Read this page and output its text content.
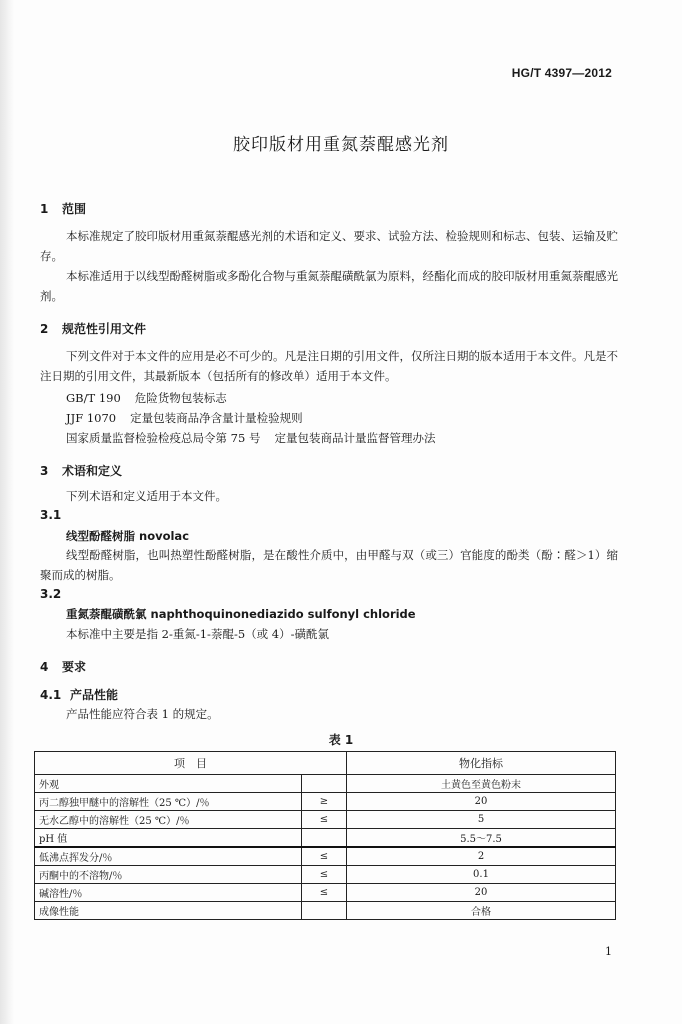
HG/T 4397—2012
胶印版材用重氮萘醌感光剂
1 范围
本标准规定了胶印版材用重氮萘醌感光剂的术语和定义、要求、试验方法、检验规则和标志、包装、运输及贮存。
本标准适用于以线型酚醛树脂或多酚化合物与重氮萘醌磺酰氯为原料，经酯化而成的胶印版材用重氮萘醌感光剂。
2 规范性引用文件
下列文件对于本文件的应用是必不可少的。凡是注日期的引用文件，仅所注日期的版本适用于本文件。凡是不注日期的引用文件，其最新版本（包括所有的修改单）适用于本文件。
GB/T 190 危险货物包装标志
JJF 1070 定量包装商品净含量计量检验规则
国家质量监督检验检疫总局令第 75 号 定量包装商品计量监督管理办法
3 术语和定义
下列术语和定义适用于本文件。
3.1
线型酚醛树脂 novolac
线型酚醛树脂，也叫热塑性酚醛树脂，是在酸性介质中，由甲醛与双（或三）官能度的酚类（酚∶醛＞1）缩聚而成的树脂。
3.2
重氮萘醌磺酰氯 naphthoquinonediazido sulfonyl chloride
本标准中主要是指 2-重氮-1-萘醌-5（或 4）-磺酰氯
4 要求
4.1 产品性能
产品性能应符合表 1 的规定。
表 1
项　目		物化指标
外观		土黄色至黄色粉末
丙二醇独甲醚中的溶解性（25 ℃）/％	≥	20
无水乙醇中的溶解性（25 ℃）/％	≤	5
pH 值		5.5～7.5
低沸点挥发分/％	≤	2
丙酮中的不溶物/％	≤	0.1
碱溶性/％	≤	20
成像性能		合格
1
